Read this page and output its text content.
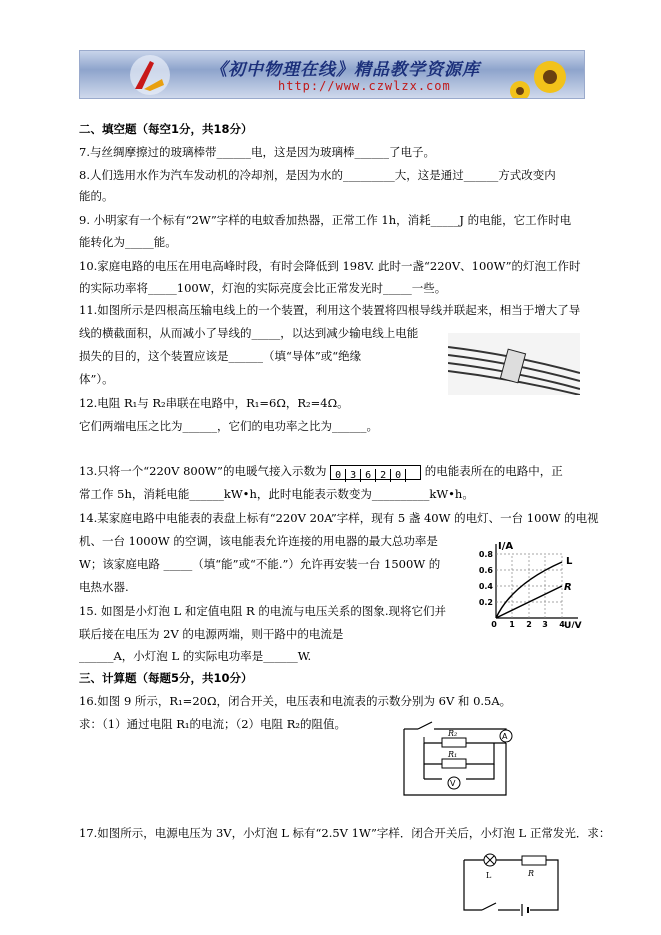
《初中物理在线》精品教学资源库
http://www.czwlzx.com
二、填空题（每空1分，共18分）
7.与丝绸摩擦过的玻璃棒带______电，这是因为玻璃棒______了电子。
8.人们选用水作为汽车发动机的冷却剂，是因为水的_________大，这是通过______方式改变内
能的。
9. 小明家有一个标有“2W”字样的电蚊香加热器，正常工作 1h，消耗_____J 的电能，它工作时电
能转化为_____能。
10.家庭电路的电压在用电高峰时段，有时会降低到 198V. 此时一盏“220V、100W”的灯泡工作时
的实际功率将_____100W，灯泡的实际亮度会比正常发光时_____一些。
11.如图所示是四根高压输电线上的一个装置，利用这个装置将四根导线并联起来，相当于增大了导
线的横截面积，从而减小了导线的_____，以达到减少输电线上电能
损失的目的，这个装置应该是______（填“导体”或“绝缘
体”）。
12.电阻 R₁与 R₂串联在电路中，R₁=6Ω，R₂=4Ω。
它们两端电压之比为______，它们的电功率之比为______。
13.只将一个“220V 800W”的电暖气接入示数为 0 3 6 2 0 的电能表所在的电路中，正
常工作 5h，消耗电能______kW•h，此时电能表示数变为__________kW•h。
14.某家庭电路中电能表的表盘上标有“220V 20A”字样，现有 5 盏 40W 的电灯、一台 100W 的电视
机、一台 1000W 的空调，该电能表允许连接的用电器的最大总功率是
W；该家庭电路 _____（填“能”或“不能.”）允许再安装一台 1500W 的
电热水器.
15. 如图是小灯泡 L 和定值电阻 R 的电流与电压关系的图象.现将它们并
联后接在电压为 2V 的电源两端，则干路中的电流是
______A，小灯泡 L 的实际电功率是______W.
I/A
U/V
L
R
0.8
0.6
0.4
0.2
0 1 2 3 4
三、计算题（每题5分，共10分）
16.如图 9 所示，R₁=20Ω，闭合开关，电压表和电流表的示数分别为 6V 和 0.5A。
求：（1）通过电阻 R₁的电流；（2）电阻 R₂的阻值。
R₂
R₁
A
V
17.如图所示，电源电压为 3V，小灯泡 L 标有“2.5V 1W”字样．闭合开关后，小灯泡 L 正常发光．求：
L	R
